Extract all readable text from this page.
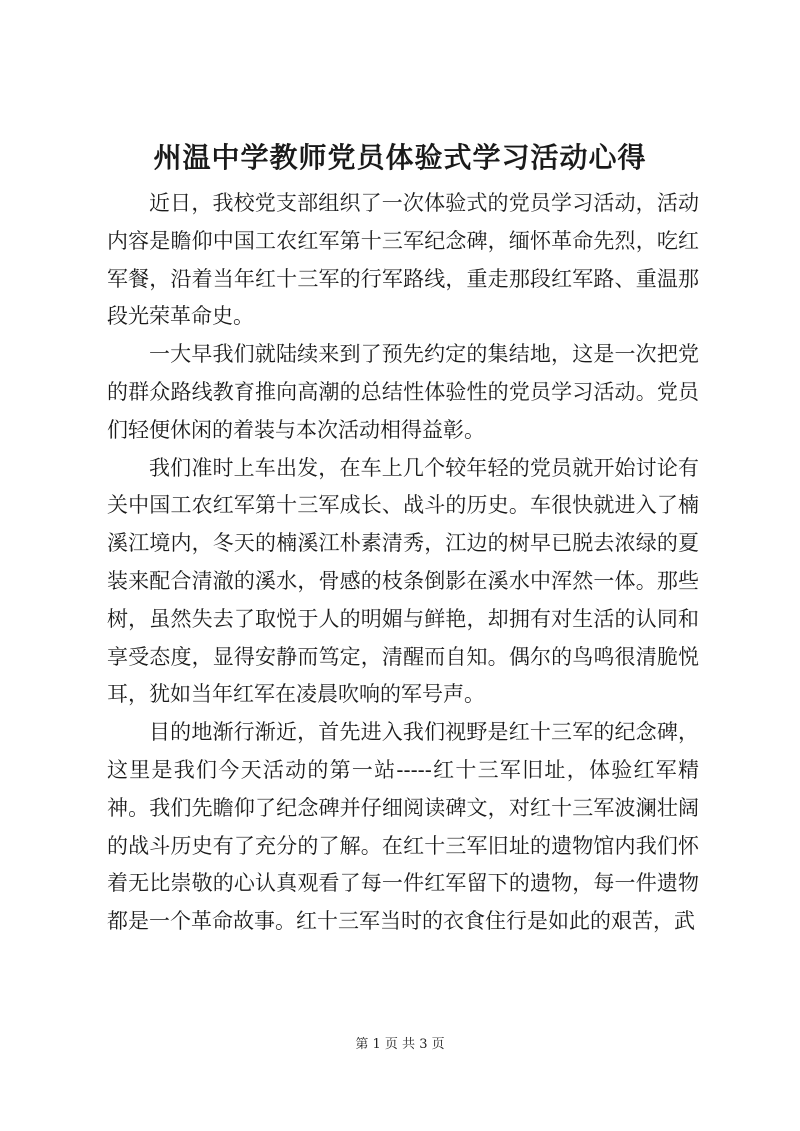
州温中学教师党员体验式学习活动心得

近日，我校党支部组织了一次体验式的党员学习活动，活动内容是瞻仰中国工农红军第十三军纪念碑，缅怀革命先烈，吃红军餐，沿着当年红十三军的行军路线，重走那段红军路、重温那段光荣革命史。

一大早我们就陆续来到了预先约定的集结地，这是一次把党的群众路线教育推向高潮的总结性体验性的党员学习活动。党员们轻便休闲的着装与本次活动相得益彰。

我们准时上车出发，在车上几个较年轻的党员就开始讨论有关中国工农红军第十三军成长、战斗的历史。车很快就进入了楠溪江境内，冬天的楠溪江朴素清秀，江边的树早已脱去浓绿的夏装来配合清澈的溪水，骨感的枝条倒影在溪水中浑然一体。那些树，虽然失去了取悦于人的明媚与鲜艳，却拥有对生活的认同和享受态度，显得安静而笃定，清醒而自知。偶尔的鸟鸣很清脆悦耳，犹如当年红军在凌晨吹响的军号声。

目的地渐行渐近，首先进入我们视野是红十三军的纪念碑，这里是我们今天活动的第一站-----红十三军旧址，体验红军精神。我们先瞻仰了纪念碑并仔细阅读碑文，对红十三军波澜壮阔的战斗历史有了充分的了解。在红十三军旧址的遗物馆内我们怀着无比崇敬的心认真观看了每一件红军留下的遗物，每一件遗物都是一个革命故事。红十三军当时的衣食住行是如此的艰苦，武

第 1 页 共 3 页
